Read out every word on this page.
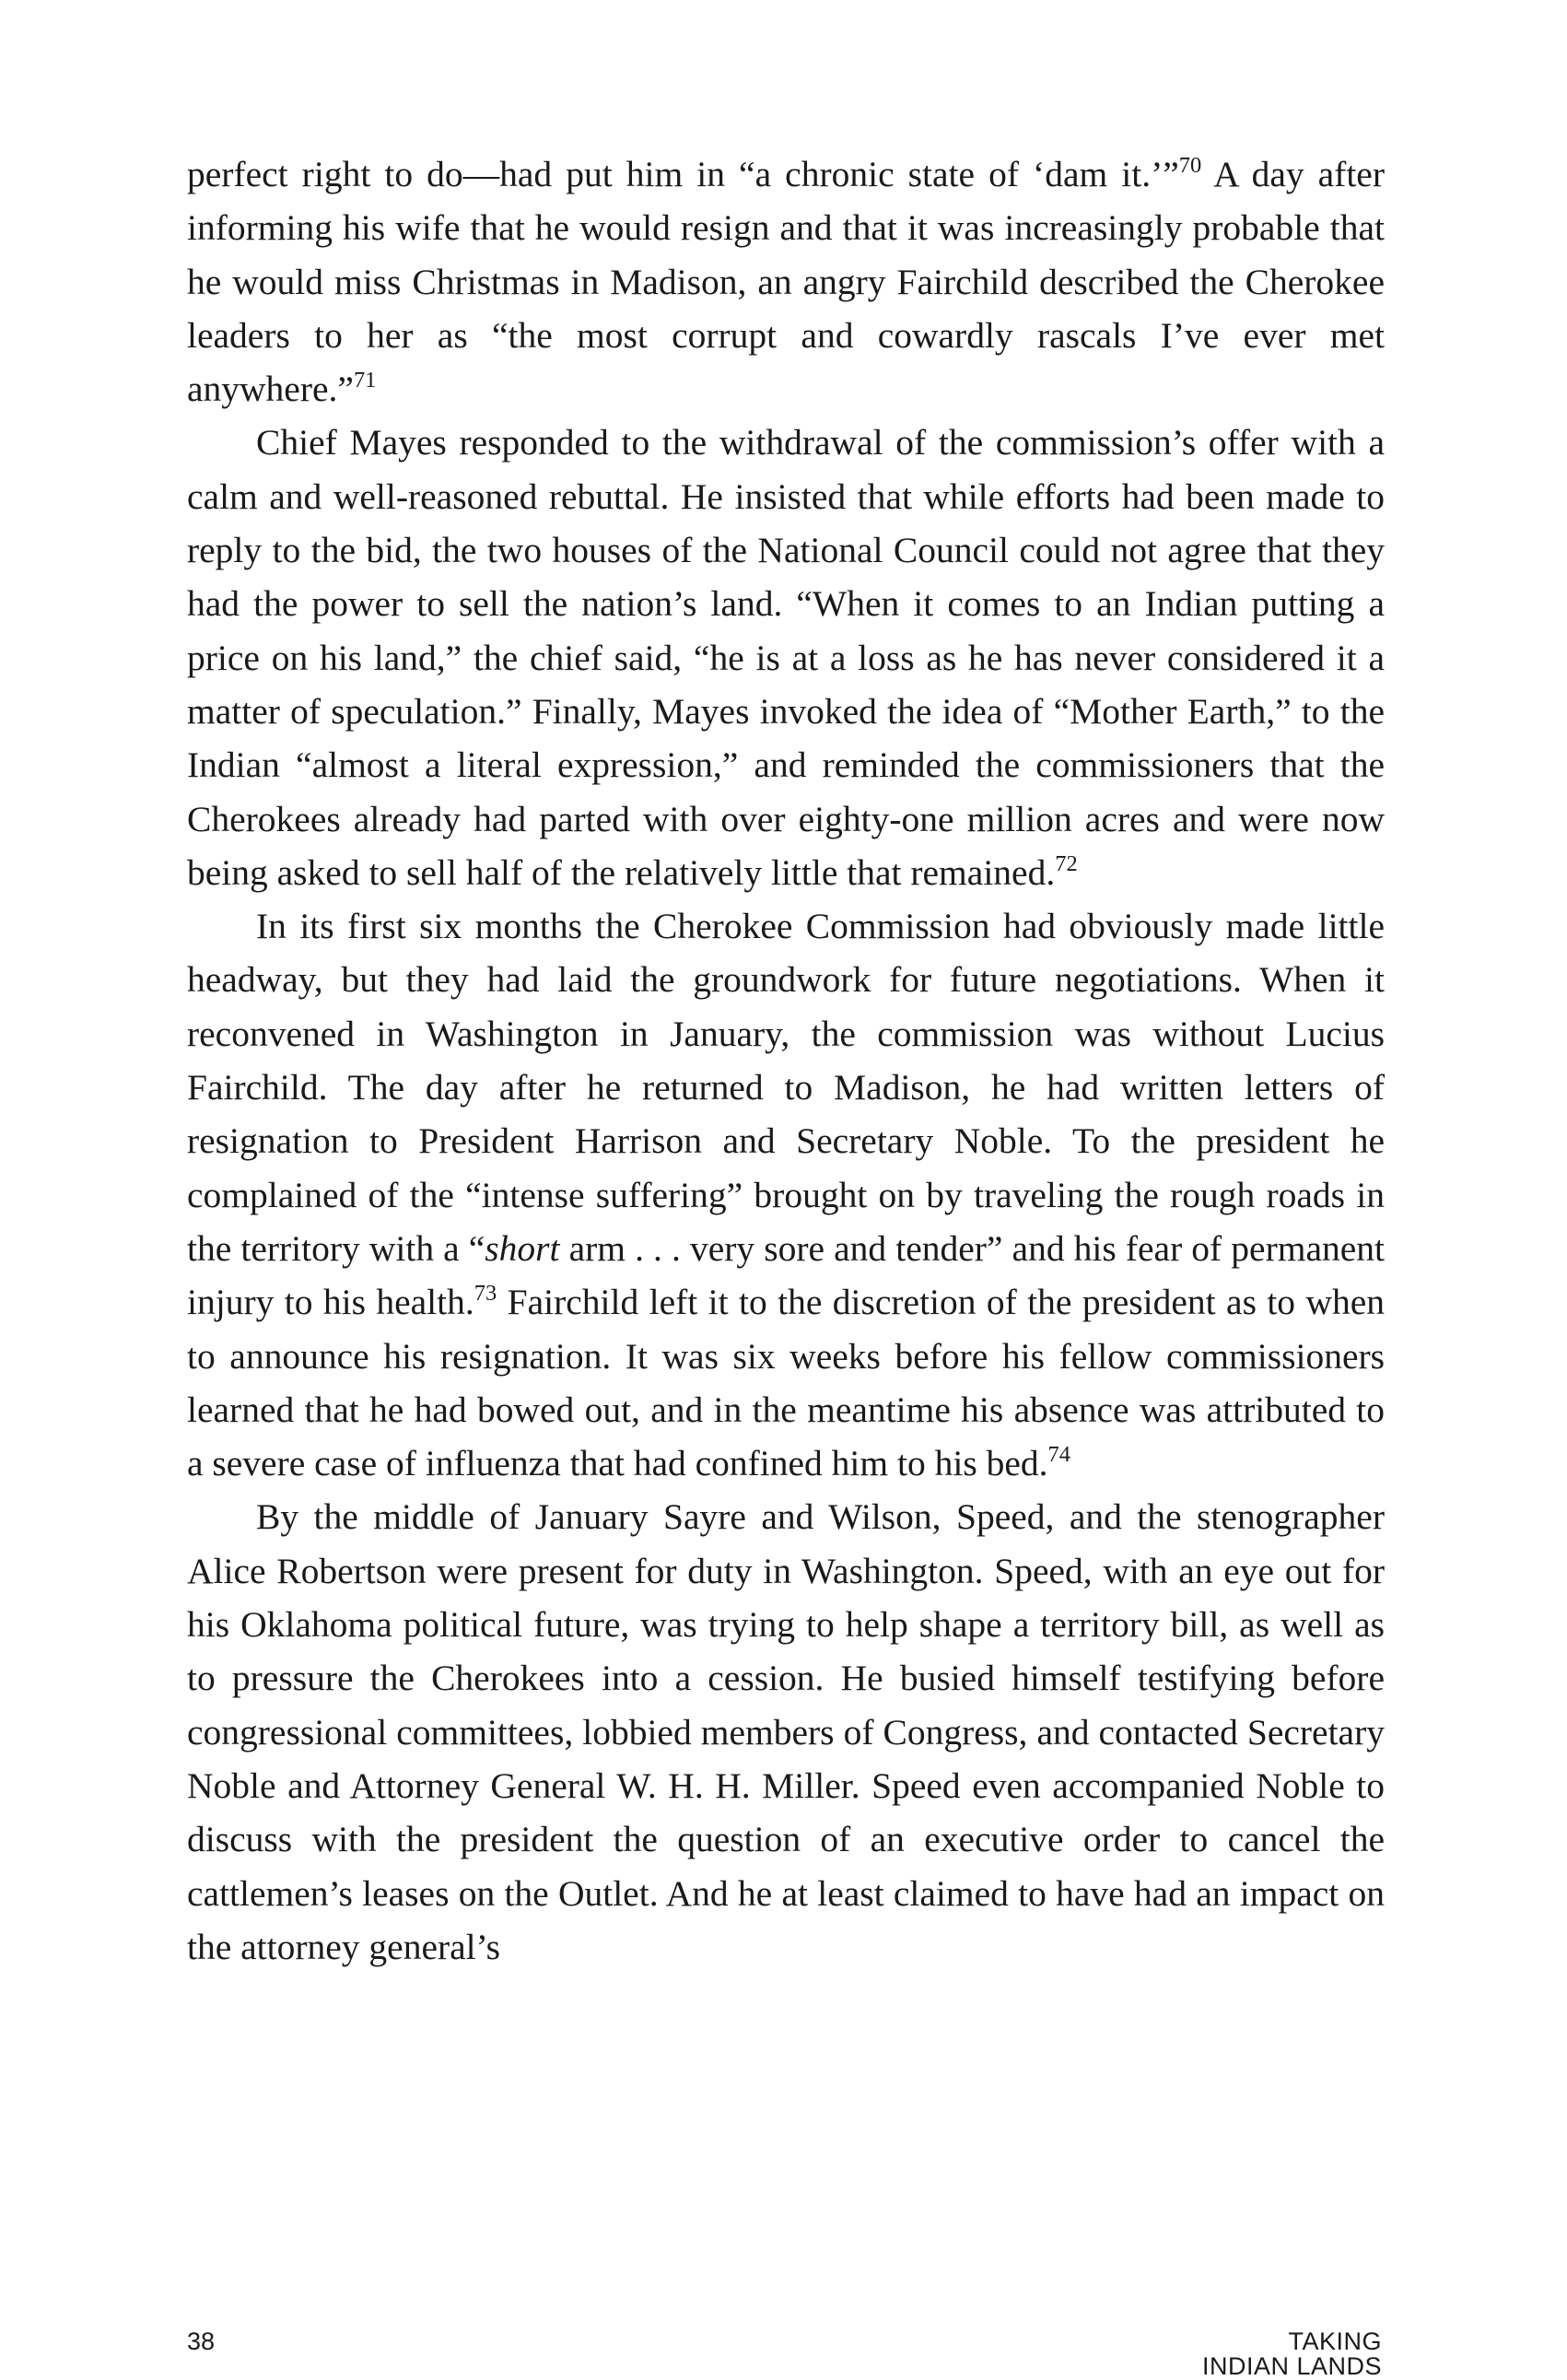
perfect right to do—had put him in “a chronic state of ‘dam it.’”$^{70}$ A day after informing his wife that he would resign and that it was increasingly probable that he would miss Christmas in Madison, an angry Fairchild described the Cherokee leaders to her as “the most corrupt and cowardly rascals I’ve ever met anywhere.”$^{71}$

Chief Mayes responded to the withdrawal of the commission’s offer with a calm and well-reasoned rebuttal. He insisted that while efforts had been made to reply to the bid, the two houses of the National Council could not agree that they had the power to sell the nation’s land. “When it comes to an Indian putting a price on his land,” the chief said, “he is at a loss as he has never considered it a matter of speculation.” Finally, Mayes invoked the idea of “Mother Earth,” to the Indian “almost a literal expression,” and reminded the commissioners that the Cherokees already had parted with over eighty-one million acres and were now being asked to sell half of the relatively little that remained.$^{72}$

In its first six months the Cherokee Commission had obviously made little headway, but they had laid the groundwork for future negotiations. When it reconvened in Washington in January, the commission was without Lucius Fairchild. The day after he returned to Madison, he had written letters of resignation to President Harrison and Secretary Noble. To the president he complained of the “intense suffering” brought on by traveling the rough roads in the territory with a “short arm . . . very sore and tender” and his fear of permanent injury to his health.$^{73}$ Fairchild left it to the discretion of the president as to when to announce his resignation. It was six weeks before his fellow commissioners learned that he had bowed out, and in the meantime his absence was attributed to a severe case of influenza that had confined him to his bed.$^{74}$

By the middle of January Sayre and Wilson, Speed, and the stenographer Alice Robertson were present for duty in Washington. Speed, with an eye out for his Oklahoma political future, was trying to help shape a territory bill, as well as to pressure the Cherokees into a cession. He busied himself testifying before congressional committees, lobbied members of Congress, and contacted Secretary Noble and Attorney General W. H. H. Miller. Speed even accompanied Noble to discuss with the president the question of an executive order to cancel the cattlemen’s leases on the Outlet. And he at least claimed to have had an impact on the attorney general’s

38	TAKING INDIAN LANDS
